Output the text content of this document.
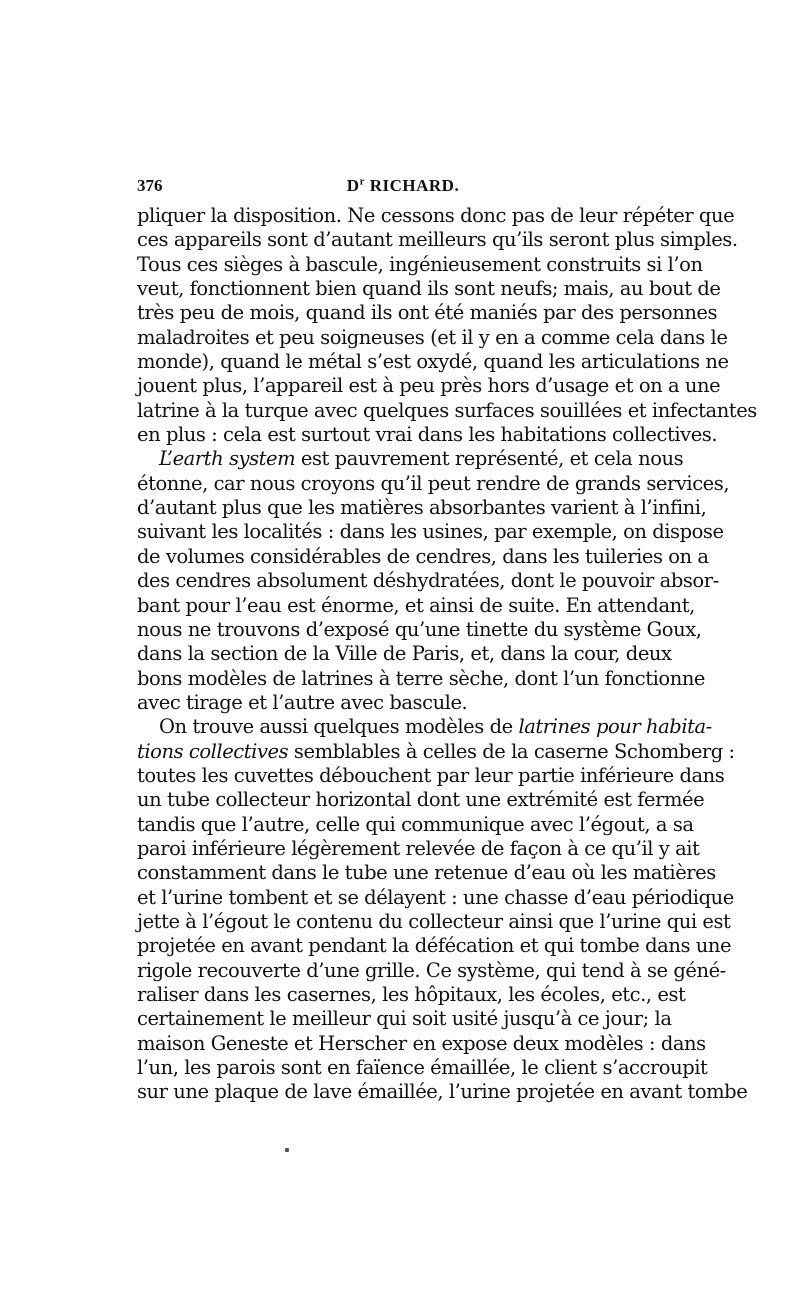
376	$D^r$ RICHARD.
pliquer la disposition. Ne cessons donc pas de leur répéter que
ces appareils sont d’autant meilleurs qu’ils seront plus simples.
Tous ces sièges à bascule, ingénieusement construits si l’on
veut, fonctionnent bien quand ils sont neufs; mais, au bout de
très peu de mois, quand ils ont été maniés par des personnes
maladroites et peu soigneuses (et il y en a comme cela dans le
monde), quand le métal s’est oxydé, quand les articulations ne
jouent plus, l’appareil est à peu près hors d’usage et on a une
latrine à la turque avec quelques surfaces souillées et infectantes
en plus : cela est surtout vrai dans les habitations collectives.
L’earth system est pauvrement représenté, et cela nous
étonne, car nous croyons qu’il peut rendre de grands services,
d’autant plus que les matières absorbantes varient à l’infini,
suivant les localités : dans les usines, par exemple, on dispose
de volumes considérables de cendres, dans les tuileries on a
des cendres absolument déshydratées, dont le pouvoir absor-
bant pour l’eau est énorme, et ainsi de suite. En attendant,
nous ne trouvons d’exposé qu’une tinette du système Goux,
dans la section de la Ville de Paris, et, dans la cour, deux
bons modèles de latrines à terre sèche, dont l’un fonctionne
avec tirage et l’autre avec bascule.
On trouve aussi quelques modèles de latrines pour habita-
tions collectives semblables à celles de la caserne Schomberg :
toutes les cuvettes débouchent par leur partie inférieure dans
un tube collecteur horizontal dont une extrémité est fermée
tandis que l’autre, celle qui communique avec l’égout, a sa
paroi inférieure légèrement relevée de façon à ce qu’il y ait
constamment dans le tube une retenue d’eau où les matières
et l’urine tombent et se délayent : une chasse d’eau périodique
jette à l’égout le contenu du collecteur ainsi que l’urine qui est
projetée en avant pendant la défécation et qui tombe dans une
rigole recouverte d’une grille. Ce système, qui tend à se géné-
raliser dans les casernes, les hôpitaux, les écoles, etc., est
certainement le meilleur qui soit usité jusqu’à ce jour; la
maison Geneste et Herscher en expose deux modèles : dans
l’un, les parois sont en faïence émaillée, le client s’accroupit
sur une plaque de lave émaillée, l’urine projetée en avant tombe
